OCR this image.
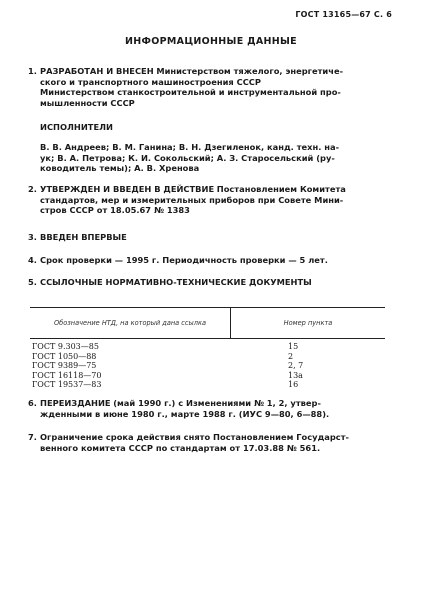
ГОСТ 13165—67 С. 6
ИНФОРМАЦИОННЫЕ ДАННЫЕ
1. РАЗРАБОТАН И ВНЕСЕН Министерством тяжелого, энергетиче-
ского и транспортного машиностроения СССР
Министерством станкостроительной и инструментальной про-
мышленности СССР
ИСПОЛНИТЕЛИ
В. В. Андреев; В. М. Ганина; В. Н. Дзегиленок, канд. техн. на-
ук; В. А. Петрова; К. И. Сокольский; А. З. Старосельский (ру-
ководитель темы); А. В. Хренова
2. УТВЕРЖДЕН И ВВЕДЕН В ДЕЙСТВИЕ Постановлением Комитета
стандартов, мер и измерительных приборов при Совете Мини-
стров СССР от 18.05.67 № 1383
3. ВВЕДЕН ВПЕРВЫЕ
4. Срок проверки — 1995 г. Периодичность проверки — 5 лет.
5. ССЫЛОЧНЫЕ НОРМАТИВНО-ТЕХНИЧЕСКИЕ ДОКУМЕНТЫ
Обозначение НТД, на который дана ссылка	Номер пункта
ГОСТ 9.303—85	15
ГОСТ 1050—88	2
ГОСТ 9389—75	2, 7
ГОСТ 16118—70	13а
ГОСТ 19537—83	16
6. ПЕРЕИЗДАНИЕ (май 1990 г.) с Изменениями № 1, 2, утвер-
жденными в июне 1980 г., марте 1988 г. (ИУС 9—80, 6—88).
7. Ограничение срока действия снято Постановлением Государст-
венного комитета СССР по стандартам от 17.03.88 № 561.
